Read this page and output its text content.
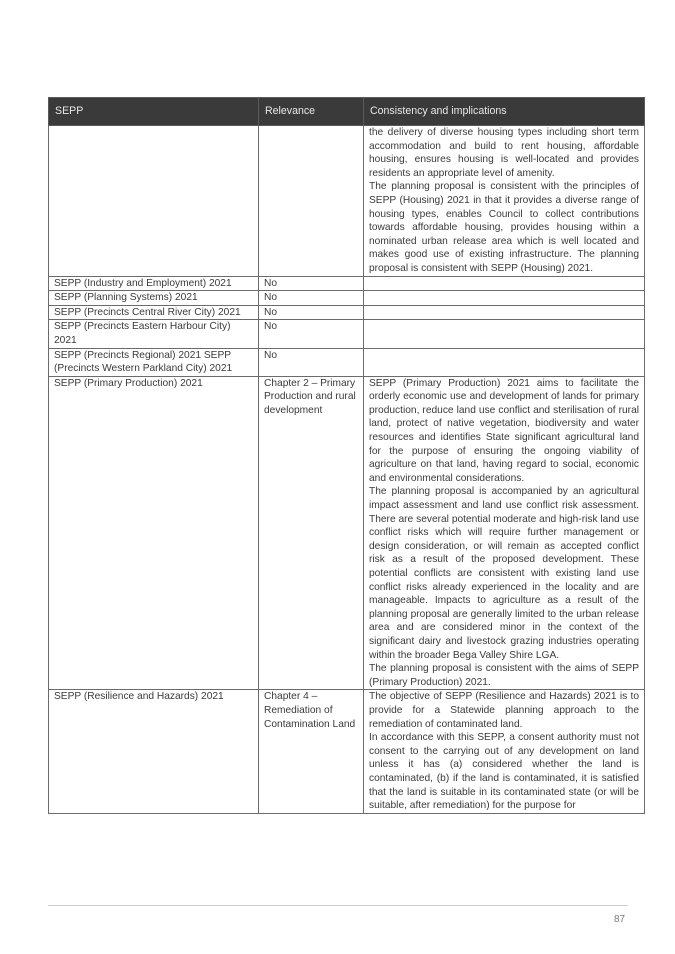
SEPP	Relevance	Consistency and implications

		the delivery of diverse housing types including short term accommodation and build to rent housing, affordable housing, ensures housing is well-located and provides residents an appropriate level of amenity.
The planning proposal is consistent with the principles of SEPP (Housing) 2021 in that it provides a diverse range of housing types, enables Council to collect contributions towards affordable housing, provides housing within a nominated urban release area which is well located and makes good use of existing infrastructure. The planning proposal is consistent with SEPP (Housing) 2021.

SEPP (Industry and Employment) 2021	No	
SEPP (Planning Systems) 2021	No	
SEPP (Precincts Central River City) 2021	No	
SEPP (Precincts Eastern Harbour City) 2021	No	
SEPP (Precincts Regional) 2021 SEPP (Precincts Western Parkland City) 2021	No	
SEPP (Primary Production) 2021	Chapter 2 – Primary Production and rural development	SEPP (Primary Production) 2021 aims to facilitate the orderly economic use and development of lands for primary production, reduce land use conflict and sterilisation of rural land, protect of native vegetation, biodiversity and water resources and identifies State significant agricultural land for the purpose of ensuring the ongoing viability of agriculture on that land, having regard to social, economic and environmental considerations.
The planning proposal is accompanied by an agricultural impact assessment and land use conflict risk assessment. There are several potential moderate and high-risk land use conflict risks which will require further management or design consideration, or will remain as accepted conflict risk as a result of the proposed development. These potential conflicts are consistent with existing land use conflict risks already experienced in the locality and are manageable. Impacts to agriculture as a result of the planning proposal are generally limited to the urban release area and are considered minor in the context of the significant dairy and livestock grazing industries operating within the broader Bega Valley Shire LGA.
The planning proposal is consistent with the aims of SEPP (Primary Production) 2021.

SEPP (Resilience and Hazards) 2021	Chapter 4 – Remediation of Contamination Land	The objective of SEPP (Resilience and Hazards) 2021 is to provide for a Statewide planning approach to the remediation of contaminated land.
In accordance with this SEPP, a consent authority must not consent to the carrying out of any development on land unless it has (a) considered whether the land is contaminated, (b) if the land is contaminated, it is satisfied that the land is suitable in its contaminated state (or will be suitable, after remediation) for the purpose for
87
